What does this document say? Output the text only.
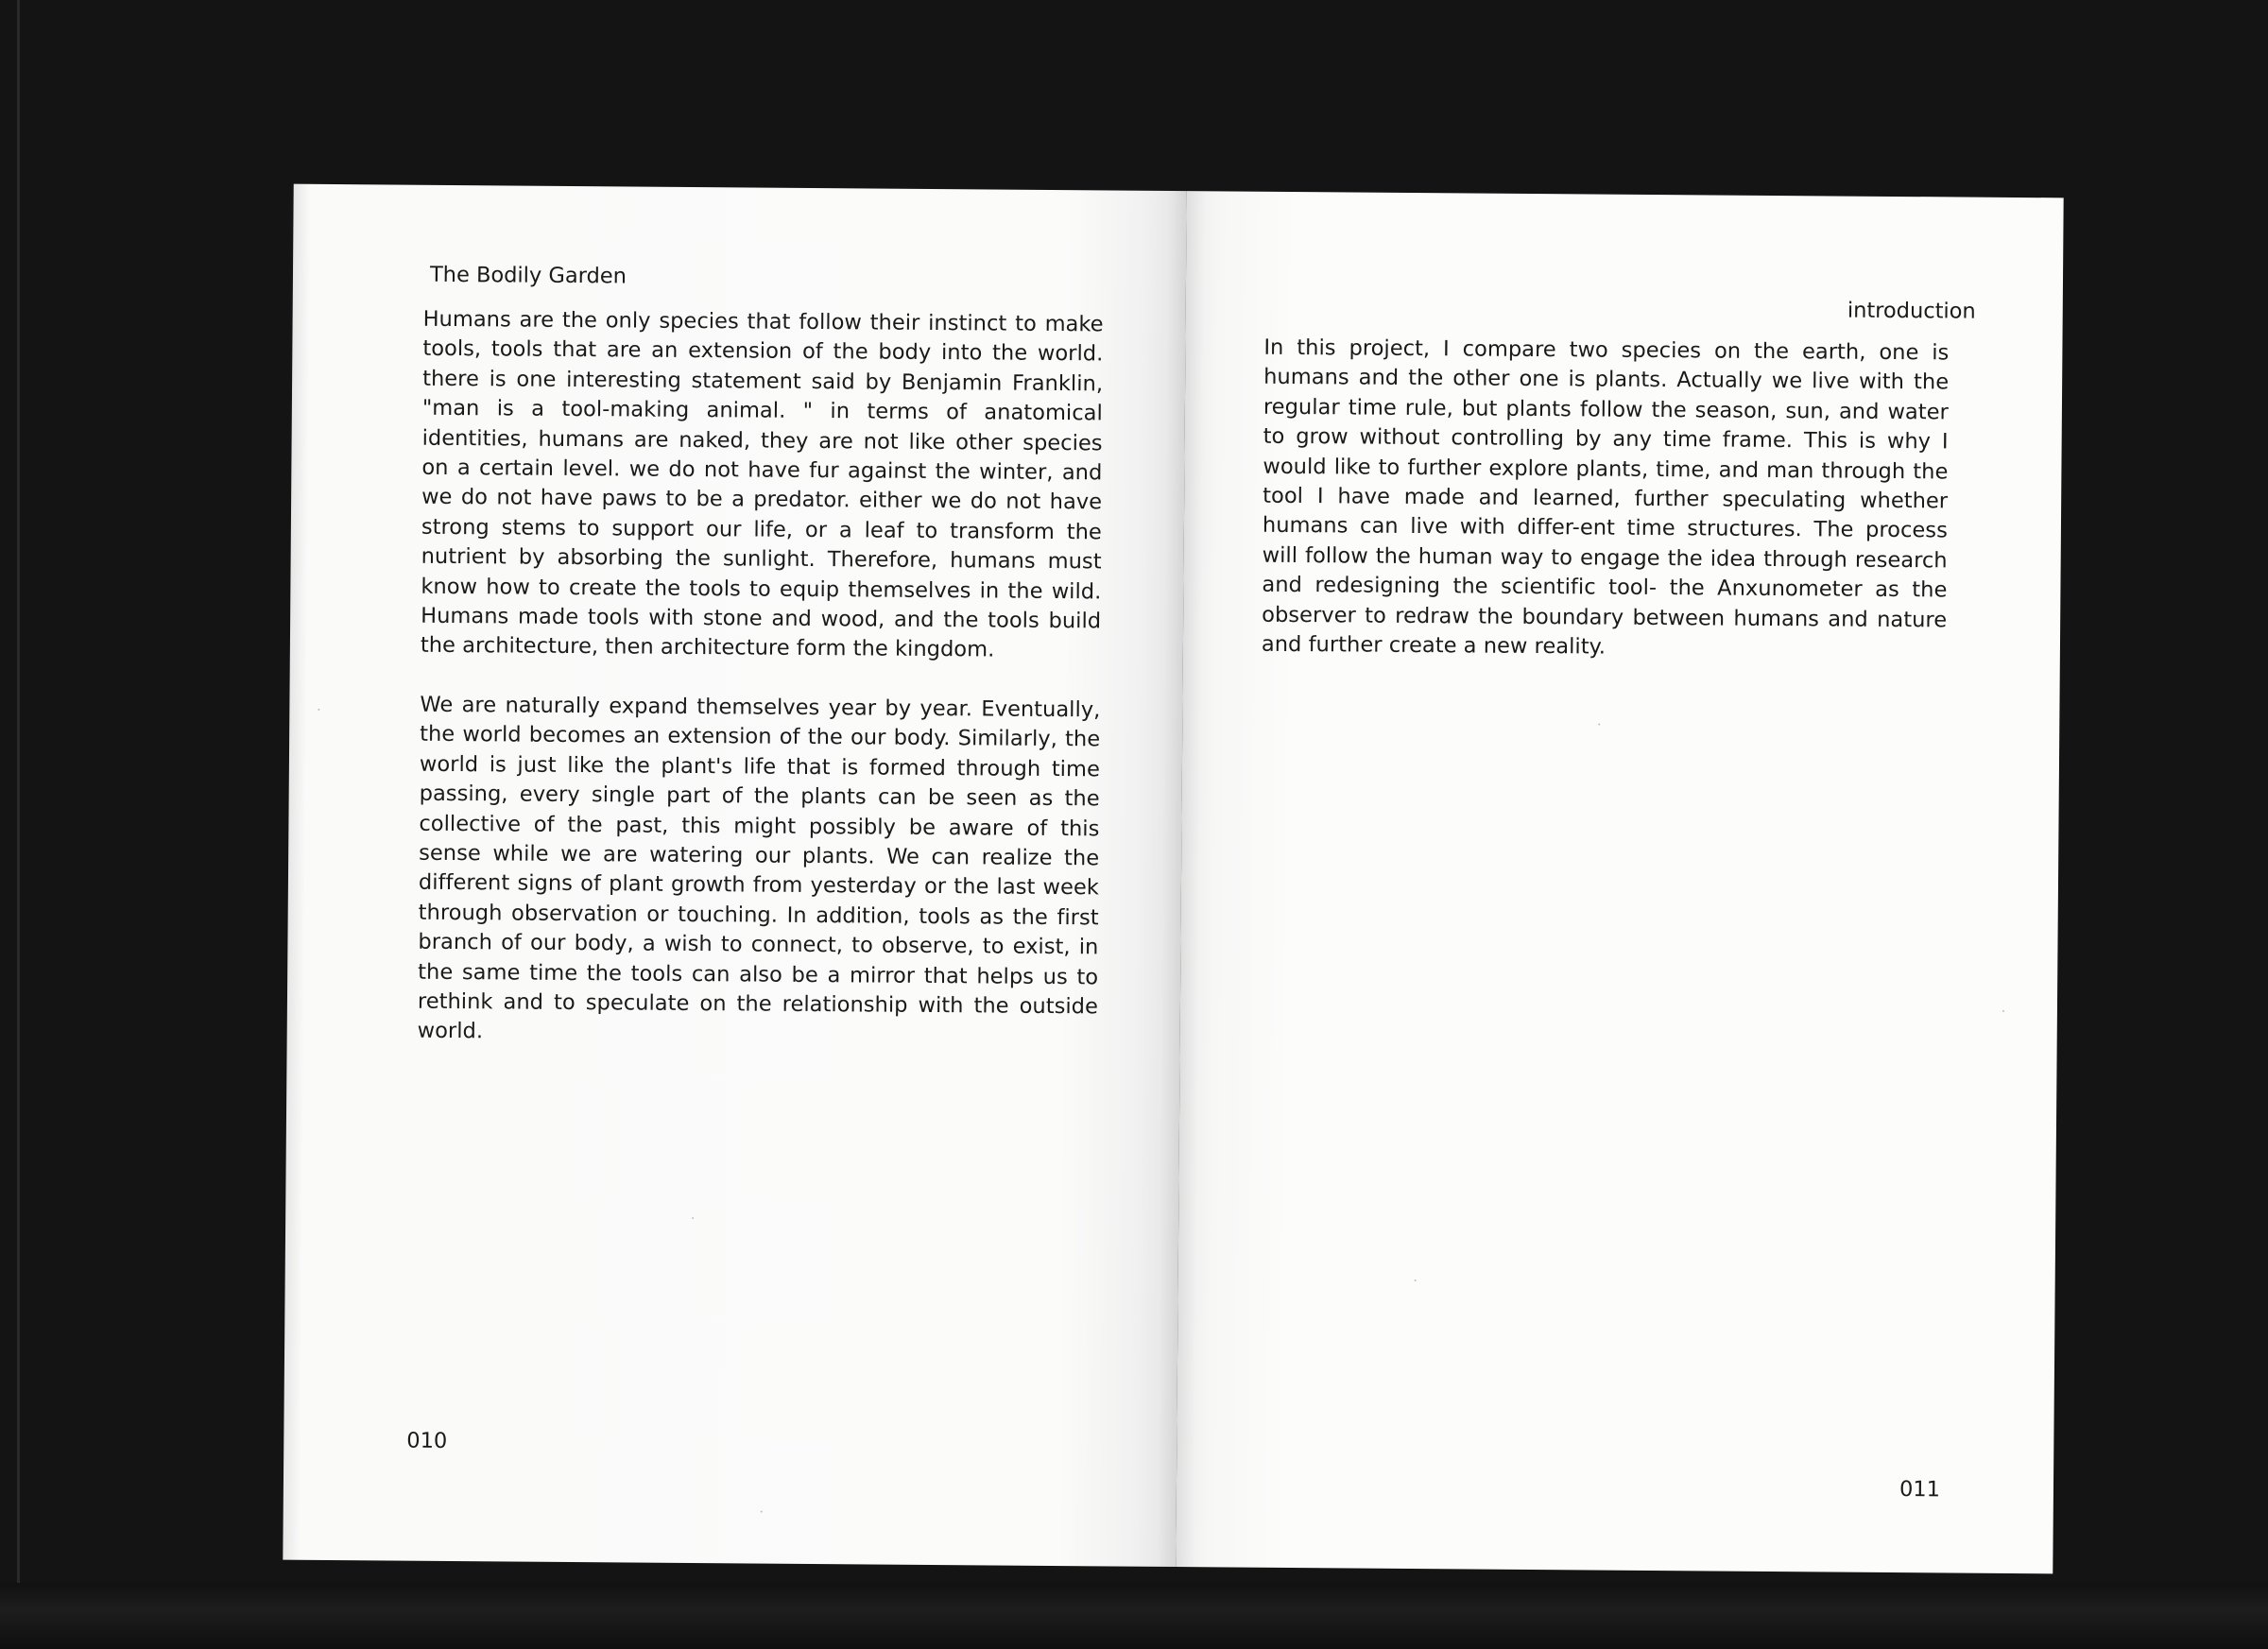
The Bodily Garden

Humans are the only species that follow their instinct to make tools, tools that are an extension of the body into the world. there is one interesting statement said by Benjamin Franklin, "man is a tool-making animal. " in terms of anatomical identities, humans are naked, they are not like other species on a certain level. we do not have fur against the winter, and we do not have paws to be a predator. either we do not have strong stems to support our life, or a leaf to transform the nutrient by absorbing the sunlight. Therefore, humans must know how to create the tools to equip themselves in the wild. Humans made tools with stone and wood, and the tools build the architecture, then architecture form the kingdom.

We are naturally expand themselves year by year. Eventually, the world becomes an extension of the our body. Similarly, the world is just like the plant's life that is formed through time passing, every single part of the plants can be seen as the collective of the past, this might possibly be aware of this sense while we are watering our plants. We can realize the different signs of plant growth from yesterday or the last week through observation or touching. In addition, tools as the first branch of our body, a wish to connect, to observe, to exist, in the same time the tools can also be a mirror that helps us to rethink and to speculate on the relationship with the outside world.

010
introduction

In this project, I compare two species on the earth, one is humans and the other one is plants. Actually we live with the regular time rule, but plants follow the season, sun, and water to grow without controlling by any time frame. This is why I would like to further explore plants, time, and man through the tool I have made and learned, further speculating whether humans can live with differ-ent time structures. The process will follow the human way to engage the idea through research and redesigning the scientific tool- the Anxunometer as the observer to redraw the boundary between humans and nature and further create a new reality.

011
